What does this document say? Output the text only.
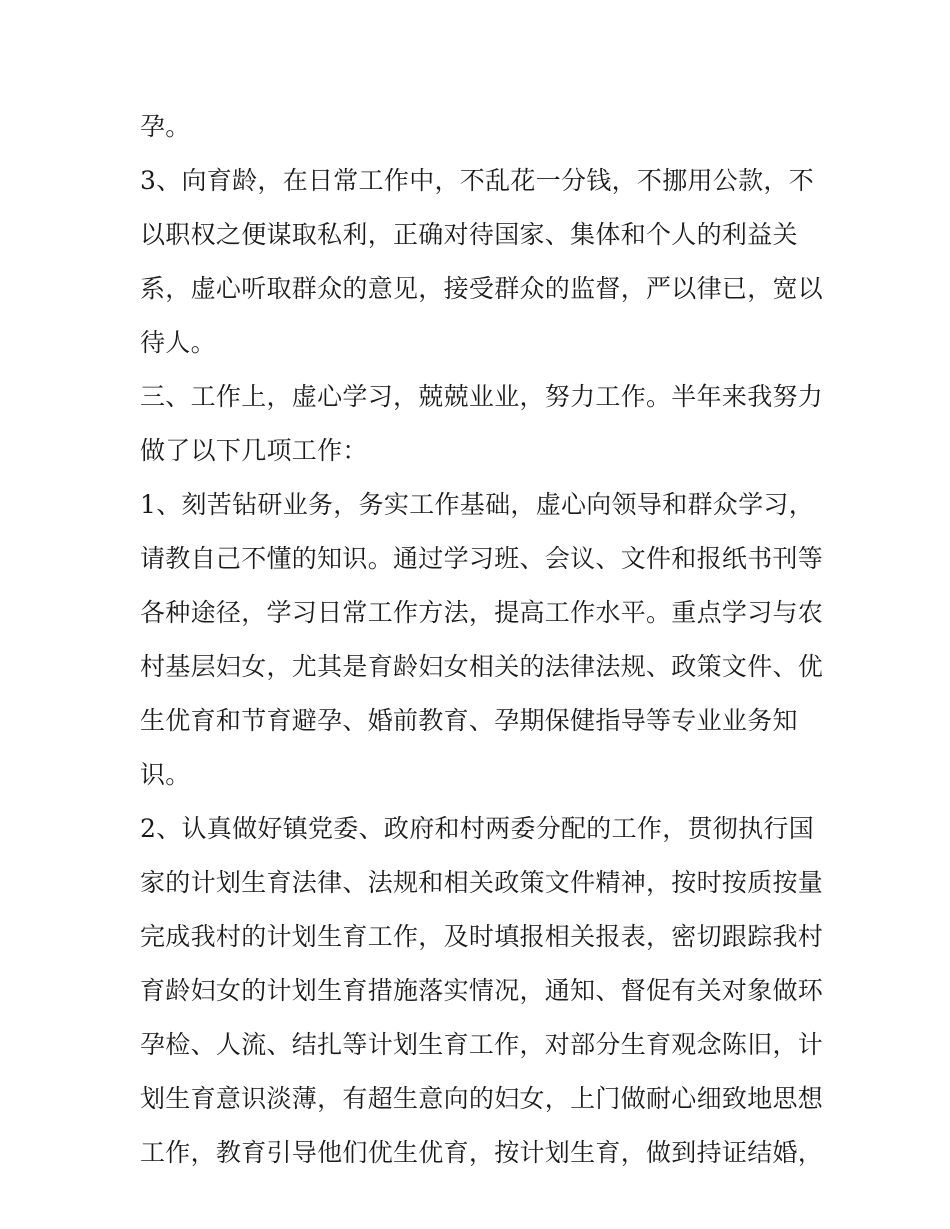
孕。
3、向育龄，在日常工作中，不乱花一分钱，不挪用公款，不
以职权之便谋取私利，正确对待国家、集体和个人的利益关
系，虚心听取群众的意见，接受群众的监督，严以律已，宽以
待人。
三、工作上，虚心学习，兢兢业业，努力工作。半年来我努力
做了以下几项工作：
1、刻苦钻研业务，务实工作基础，虚心向领导和群众学习，
请教自己不懂的知识。通过学习班、会议、文件和报纸书刊等
各种途径，学习日常工作方法，提高工作水平。重点学习与农
村基层妇女，尤其是育龄妇女相关的法律法规、政策文件、优
生优育和节育避孕、婚前教育、孕期保健指导等专业业务知
识。
2、认真做好镇党委、政府和村两委分配的工作，贯彻执行国
家的计划生育法律、法规和相关政策文件精神，按时按质按量
完成我村的计划生育工作，及时填报相关报表，密切跟踪我村
育龄妇女的计划生育措施落实情况，通知、督促有关对象做环
孕检、人流、结扎等计划生育工作，对部分生育观念陈旧，计
划生育意识淡薄，有超生意向的妇女，上门做耐心细致地思想
工作，教育引导他们优生优育，按计划生育，做到持证结婚，
